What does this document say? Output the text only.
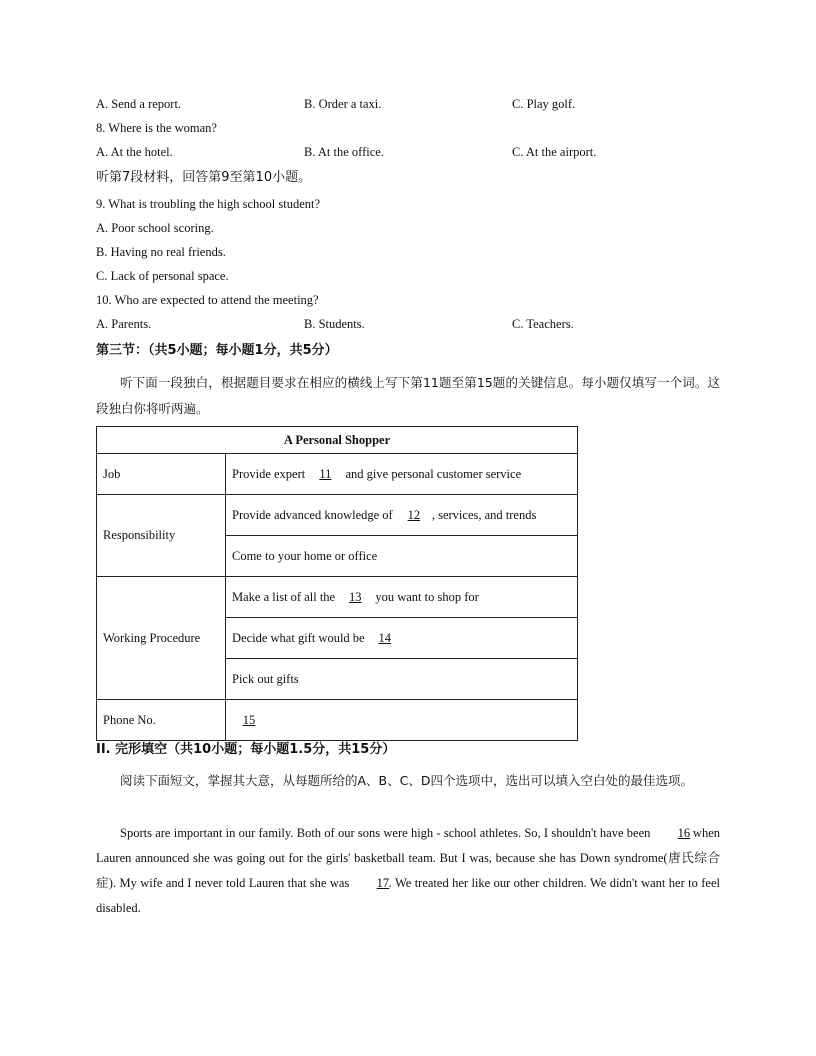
A. Send a report.	B. Order a taxi.	C. Play golf.
8. Where is the woman?
A. At the hotel.	B. At the office.	C. At the airport.
听第7段材料，回答第9至第10小题。
9. What is troubling the high school student?
A. Poor school scoring.
B. Having no real friends.
C. Lack of personal space.
10. Who are expected to attend the meeting?
A. Parents.	B. Students.	C. Teachers.
第三节：（共5小题；每小题1分，共5分）
听下面一段独白，根据题目要求在相应的横线上写下第11题至第15题的关键信息。每小题仅填写一个词。这段独白你将听两遍。
A Personal Shopper	
Job	Provide expert 11 and give personal customer service
Responsibility	Provide advanced knowledge of 12 , services, and trends
	Come to your home or office
Working Procedure	Make a list of all the 13 you want to shop for
	Decide what gift would be 14
	Pick out gifts
Phone No.	15
II. 完形填空（共10小题；每小题1.5分，共15分）
阅读下面短文，掌握其大意，从每题所给的A、B、C、D四个选项中，选出可以填入空白处的最佳选项。
Sports are important in our family. Both of our sons were high - school athletes. So, I shouldn't have been 16 when Lauren announced she was going out for the girls' basketball team. But I was, because she has Down syndrome(唐氏综合症). My wife and I never told Lauren that she was 17. We treated her like our other children. We didn't want her to feel disabled.
